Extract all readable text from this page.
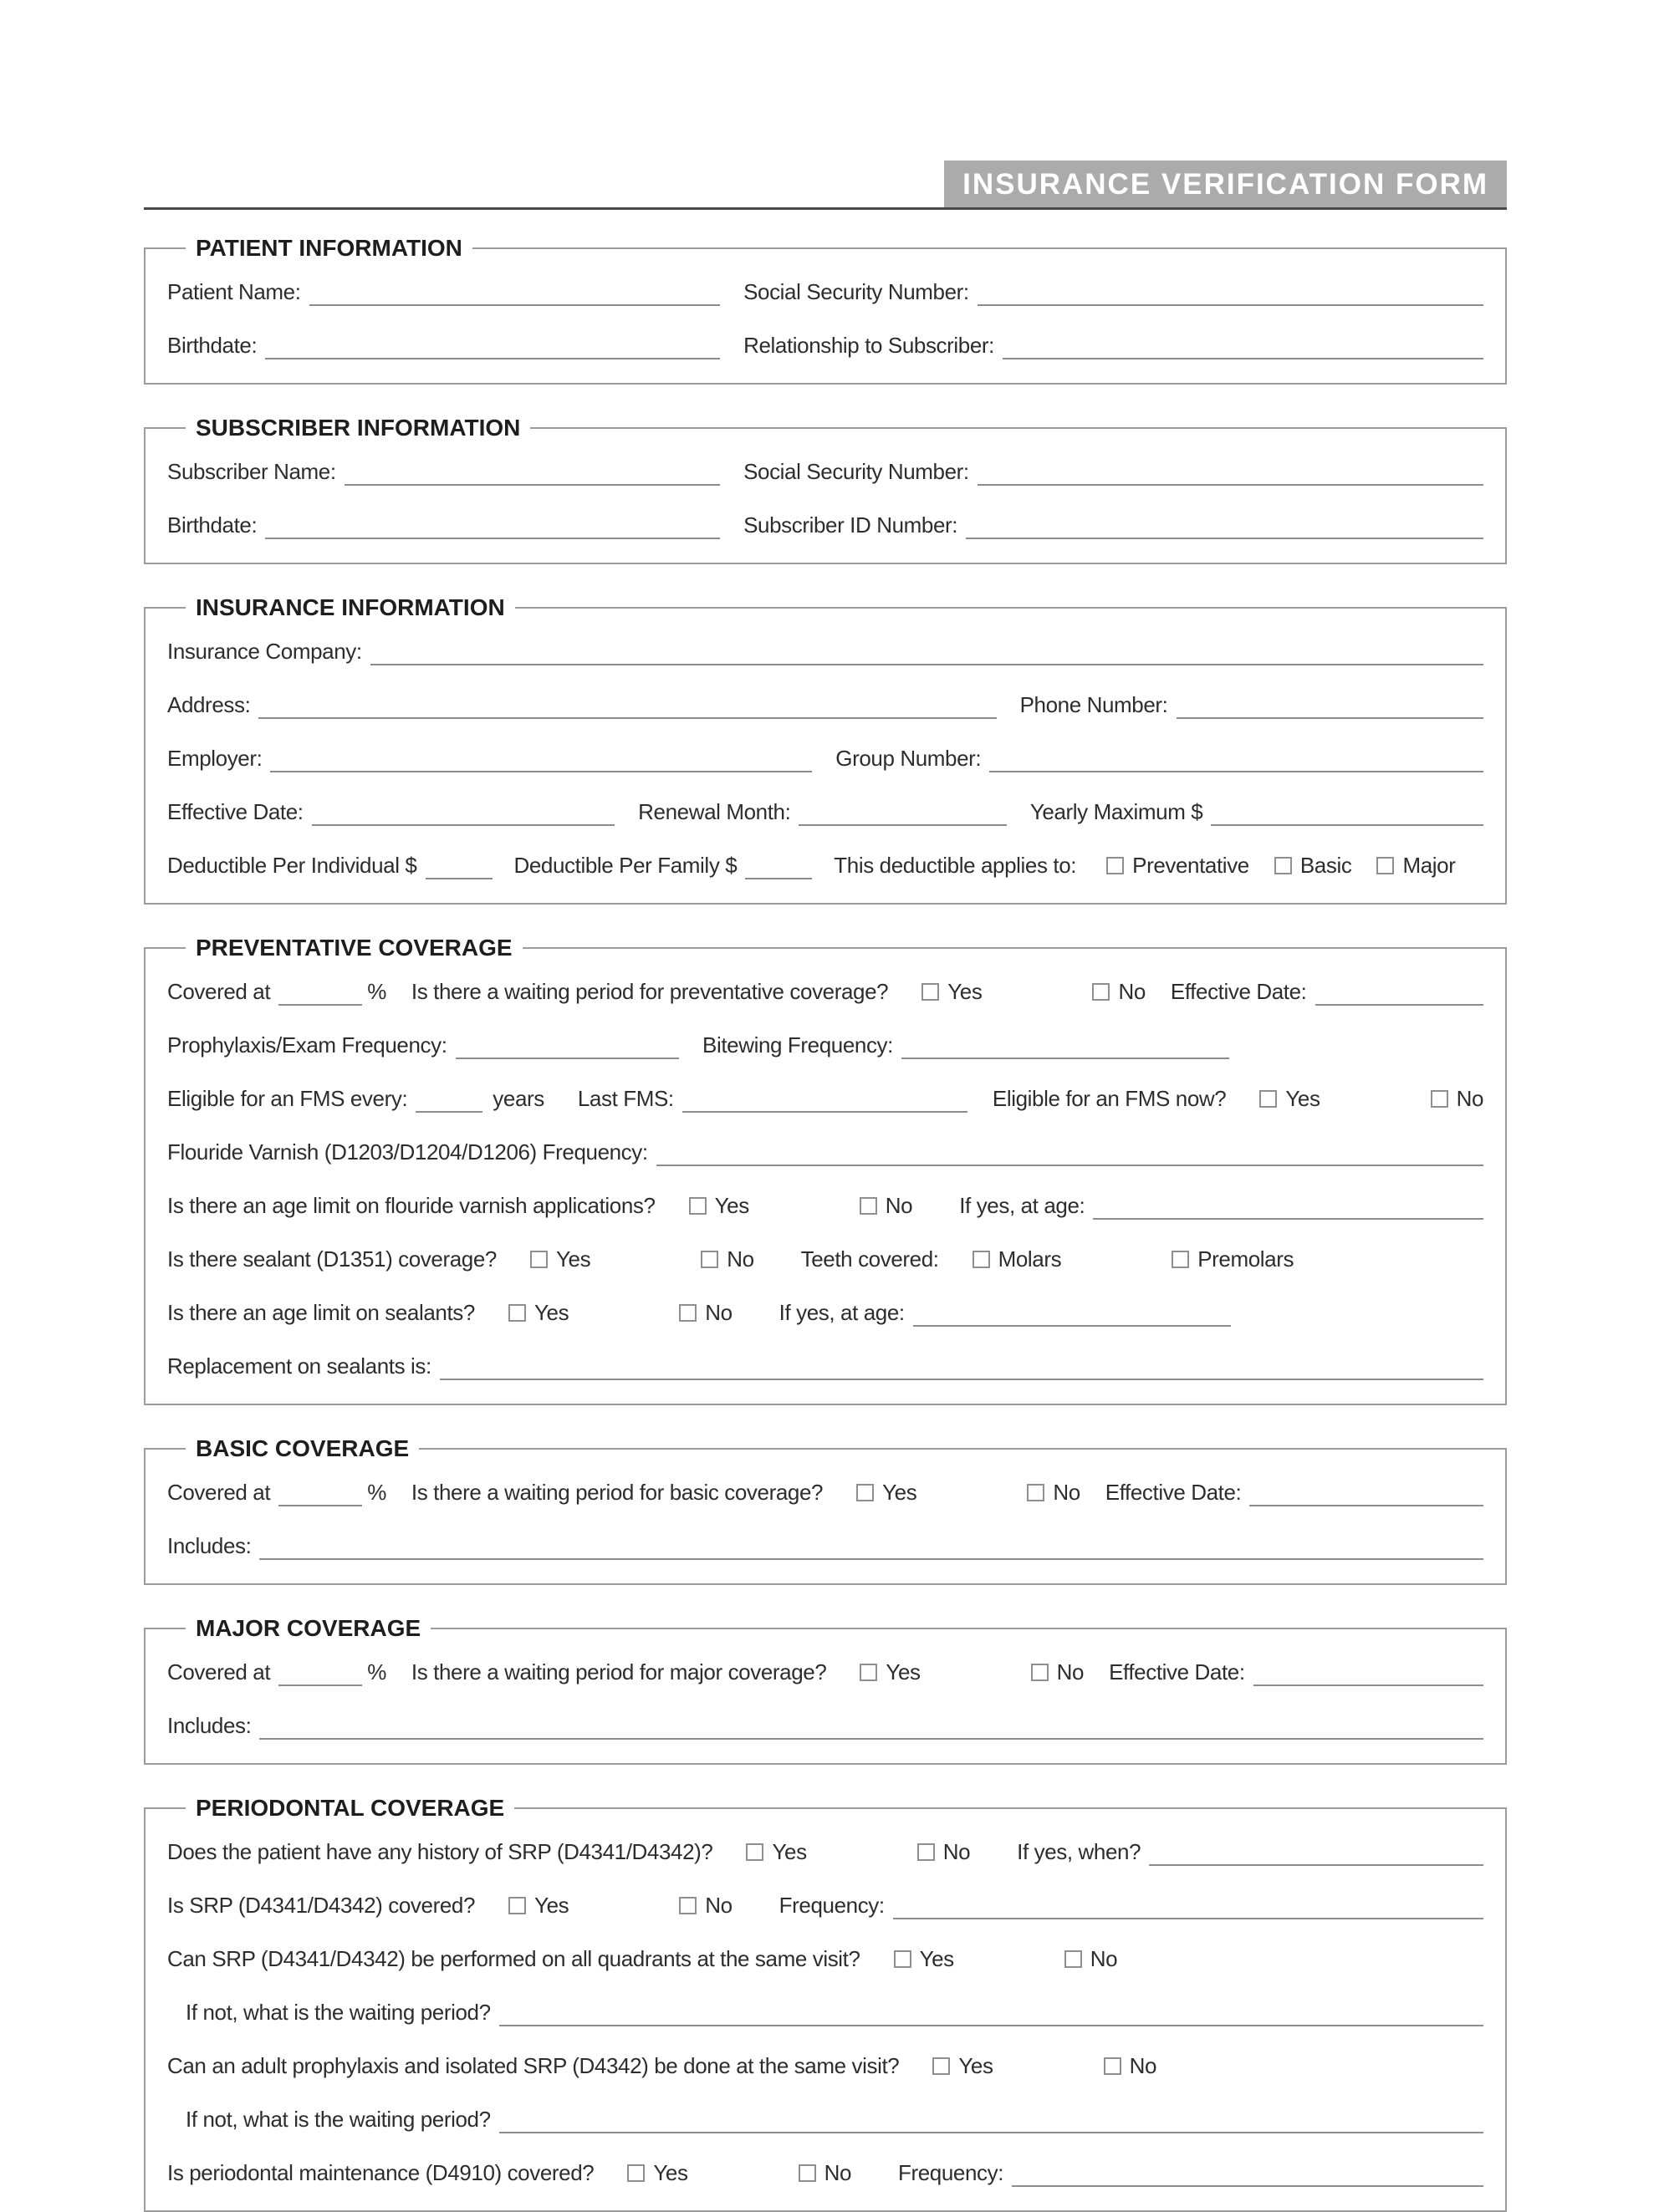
INSURANCE VERIFICATION FORM
PATIENT INFORMATION
Patient Name:	Social Security Number:
Birthdate:	Relationship to Subscriber:
SUBSCRIBER INFORMATION
Subscriber Name:	Social Security Number:
Birthdate:	Subscriber ID Number:
INSURANCE INFORMATION
Insurance Company:
Address:	Phone Number:
Employer:	Group Number:
Effective Date:	Renewal Month:	Yearly Maximum $
Deductible Per Individual $	Deductible Per Family $	This deductible applies to:	Preventative Basic Major
PREVENTATIVE COVERAGE
Covered at	% Is there a waiting period for preventative coverage?	Yes	No Effective Date:
Prophylaxis/Exam Frequency:	Bitewing Frequency:
Eligible for an FMS every:	years	Last FMS:	Eligible for an FMS now?	Yes	No
Flouride Varnish (D1203/D1204/D1206) Frequency:
Is there an age limit on flouride varnish applications?	Yes	No If yes, at age:
Is there sealant (D1351) coverage?	Yes	No Teeth covered:	Molars	Premolars
Is there an age limit on sealants?	Yes	No If yes, at age:
Replacement on sealants is:
BASIC COVERAGE
Covered at	% Is there a waiting period for basic coverage?	Yes	No Effective Date:
Includes:
MAJOR COVERAGE
Covered at	% Is there a waiting period for major coverage?	Yes	No Effective Date:
Includes:
PERIODONTAL COVERAGE
Does the patient have any history of SRP (D4341/D4342)?	Yes	No If yes, when?
Is SRP (D4341/D4342) covered?	Yes	No Frequency:
Can SRP (D4341/D4342) be performed on all quadrants at the same visit?	Yes	No
If not, what is the waiting period?
Can an adult prophylaxis and isolated SRP (D4342) be done at the same visit?	Yes	No
If not, what is the waiting period?
Is periodontal maintenance (D4910) covered?	Yes	No Frequency:
